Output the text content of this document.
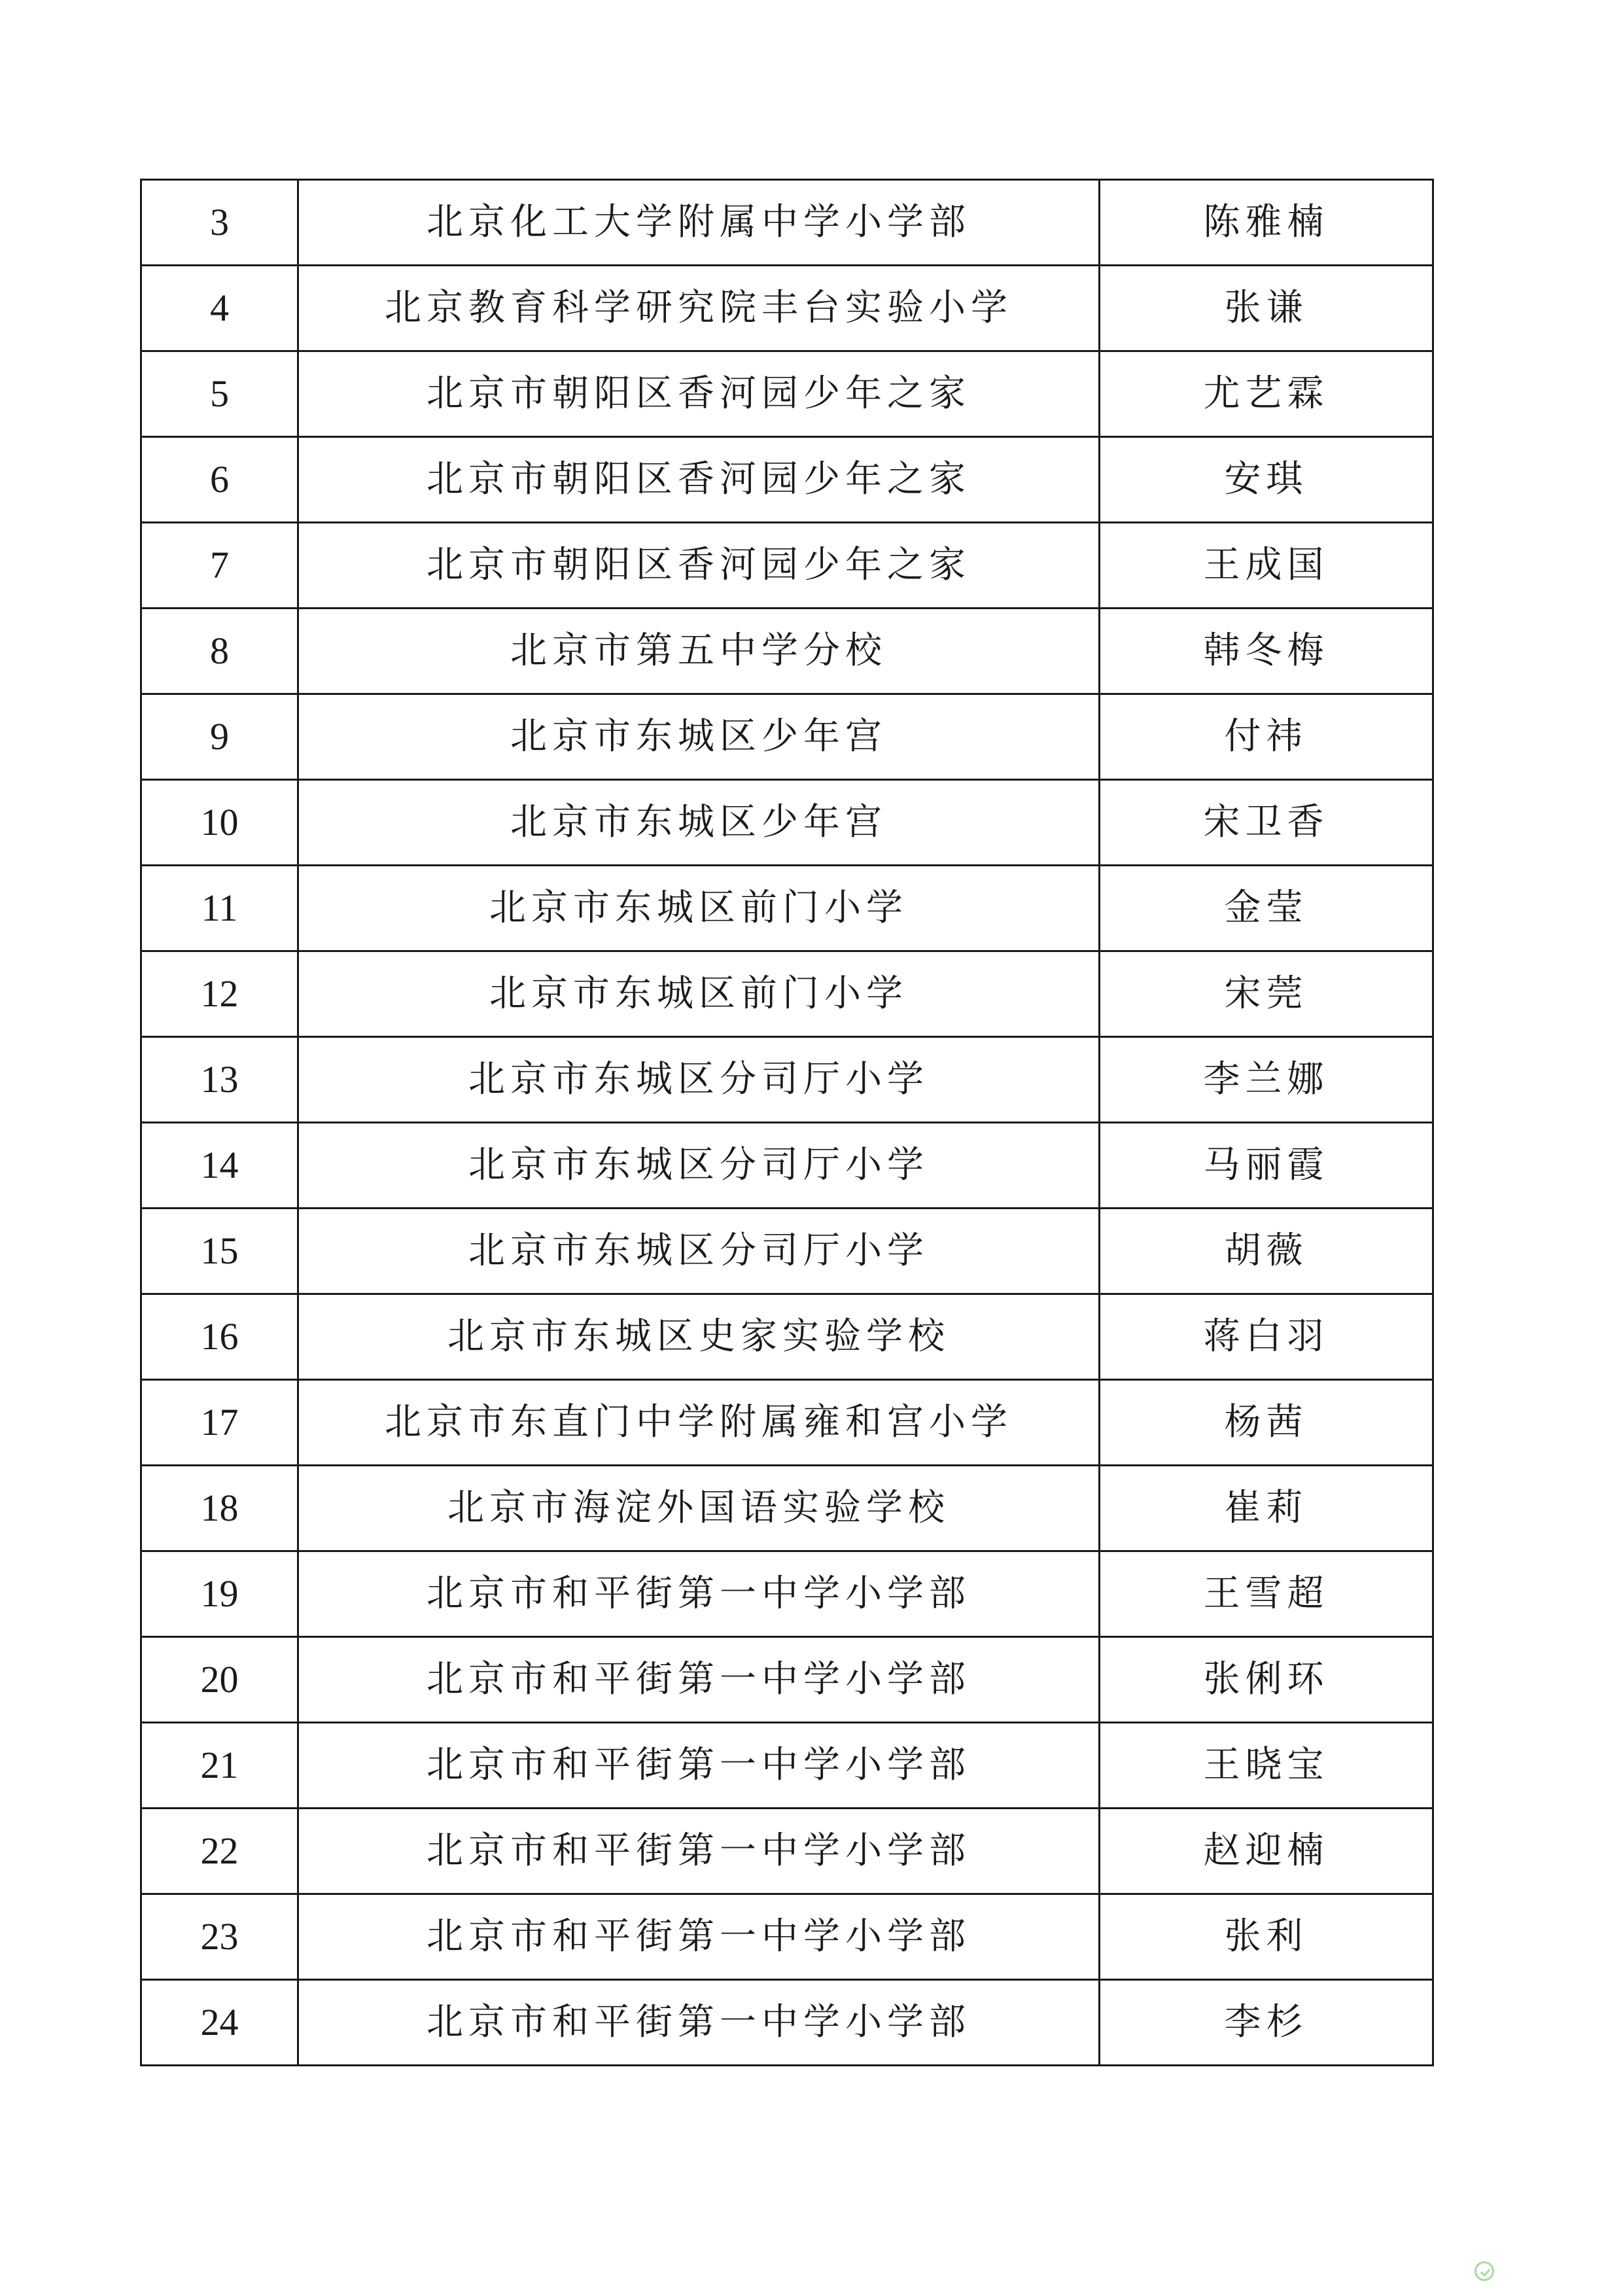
3	北京化工大学附属中学小学部	陈雅楠
4	北京教育科学研究院丰台实验小学	张谦
5	北京市朝阳区香河园少年之家	尤艺霖
6	北京市朝阳区香河园少年之家	安琪
7	北京市朝阳区香河园少年之家	王成国
8	北京市第五中学分校	韩冬梅
9	北京市东城区少年宫	付祎
10	北京市东城区少年宫	宋卫香
11	北京市东城区前门小学	金莹
12	北京市东城区前门小学	宋莞
13	北京市东城区分司厅小学	李兰娜
14	北京市东城区分司厅小学	马丽霞
15	北京市东城区分司厅小学	胡薇
16	北京市东城区史家实验学校	蒋白羽
17	北京市东直门中学附属雍和宫小学	杨茜
18	北京市海淀外国语实验学校	崔莉
19	北京市和平街第一中学小学部	王雪超
20	北京市和平街第一中学小学部	张俐环
21	北京市和平街第一中学小学部	王晓宝
22	北京市和平街第一中学小学部	赵迎楠
23	北京市和平街第一中学小学部	张利
24	北京市和平街第一中学小学部	李杉
